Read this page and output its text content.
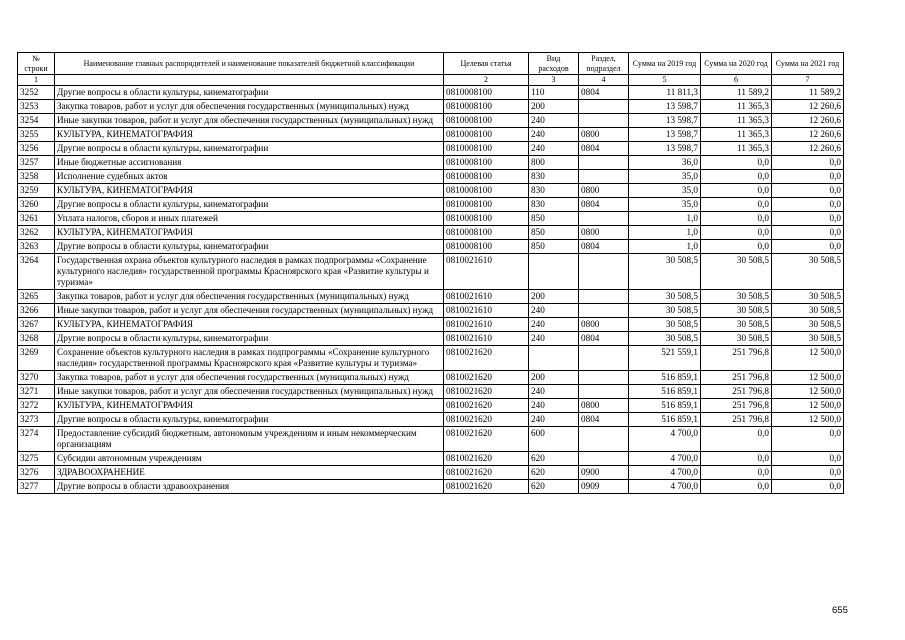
№ строки	Наименование главных распорядителей и наименование показателей бюджетной классификации	Целевая статья	Вид расходов	Раздел, подраздел	Сумма на 2019 год	Сумма на 2020 год	Сумма на 2021 год
1		2	3	4	5	6	7
3252	Другие вопросы в области культуры, кинематографии	0810008100	110	0804	11 811,3	11 589,2	11 589,2
3253	Закупка товаров, работ и услуг для обеспечения государственных (муниципальных) нужд	0810008100	200		13 598,7	11 365,3	12 260,6
3254	Иные закупки товаров, работ и услуг для обеспечения государственных (муниципальных) нужд	0810008100	240		13 598,7	11 365,3	12 260,6
3255	КУЛЬТУРА, КИНЕМАТОГРАФИЯ	0810008100	240	0800	13 598,7	11 365,3	12 260,6
3256	Другие вопросы в области культуры, кинематографии	0810008100	240	0804	13 598,7	11 365,3	12 260,6
3257	Иные бюджетные ассигнования	0810008100	800		36,0	0,0	0,0
3258	Исполнение судебных актов	0810008100	830		35,0	0,0	0,0
3259	КУЛЬТУРА, КИНЕМАТОГРАФИЯ	0810008100	830	0800	35,0	0,0	0,0
3260	Другие вопросы в области культуры, кинематографии	0810008100	830	0804	35,0	0,0	0,0
3261	Уплата налогов, сборов и иных платежей	0810008100	850		1,0	0,0	0,0
3262	КУЛЬТУРА, КИНЕМАТОГРАФИЯ	0810008100	850	0800	1,0	0,0	0,0
3263	Другие вопросы в области культуры, кинематографии	0810008100	850	0804	1,0	0,0	0,0
3264	Государственная охрана объектов культурного наследия в рамках подпрограммы «Сохранение культурного наследия» государственной программы Красноярского края «Развитие культуры и туризма»	0810021610			30 508,5	30 508,5	30 508,5
3265	Закупка товаров, работ и услуг для обеспечения государственных (муниципальных) нужд	0810021610	200		30 508,5	30 508,5	30 508,5
3266	Иные закупки товаров, работ и услуг для обеспечения государственных (муниципальных) нужд	0810021610	240		30 508,5	30 508,5	30 508,5
3267	КУЛЬТУРА, КИНЕМАТОГРАФИЯ	0810021610	240	0800	30 508,5	30 508,5	30 508,5
3268	Другие вопросы в области культуры, кинематографии	0810021610	240	0804	30 508,5	30 508,5	30 508,5
3269	Сохранение объектов культурного наследия в рамках подпрограммы «Сохранение культурного наследия» государственной программы Красноярского края «Развитие культуры и туризма»	0810021620			521 559,1	251 796,8	12 500,0
3270	Закупка товаров, работ и услуг для обеспечения государственных (муниципальных) нужд	0810021620	200		516 859,1	251 796,8	12 500,0
3271	Иные закупки товаров, работ и услуг для обеспечения государственных (муниципальных) нужд	0810021620	240		516 859,1	251 796,8	12 500,0
3272	КУЛЬТУРА, КИНЕМАТОГРАФИЯ	0810021620	240	0800	516 859,1	251 796,8	12 500,0
3273	Другие вопросы в области культуры, кинематографии	0810021620	240	0804	516 859,1	251 796,8	12 500,0
3274	Предоставление субсидий бюджетным, автономным учреждениям и иным некоммерческим организациям	0810021620	600		4 700,0	0,0	0,0
3275	Субсидии автономным учреждениям	0810021620	620		4 700,0	0,0	0,0
3276	ЗДРАВООХРАНЕНИЕ	0810021620	620	0900	4 700,0	0,0	0,0
3277	Другие вопросы в области здравоохранения	0810021620	620	0909	4 700,0	0,0	0,0
655
